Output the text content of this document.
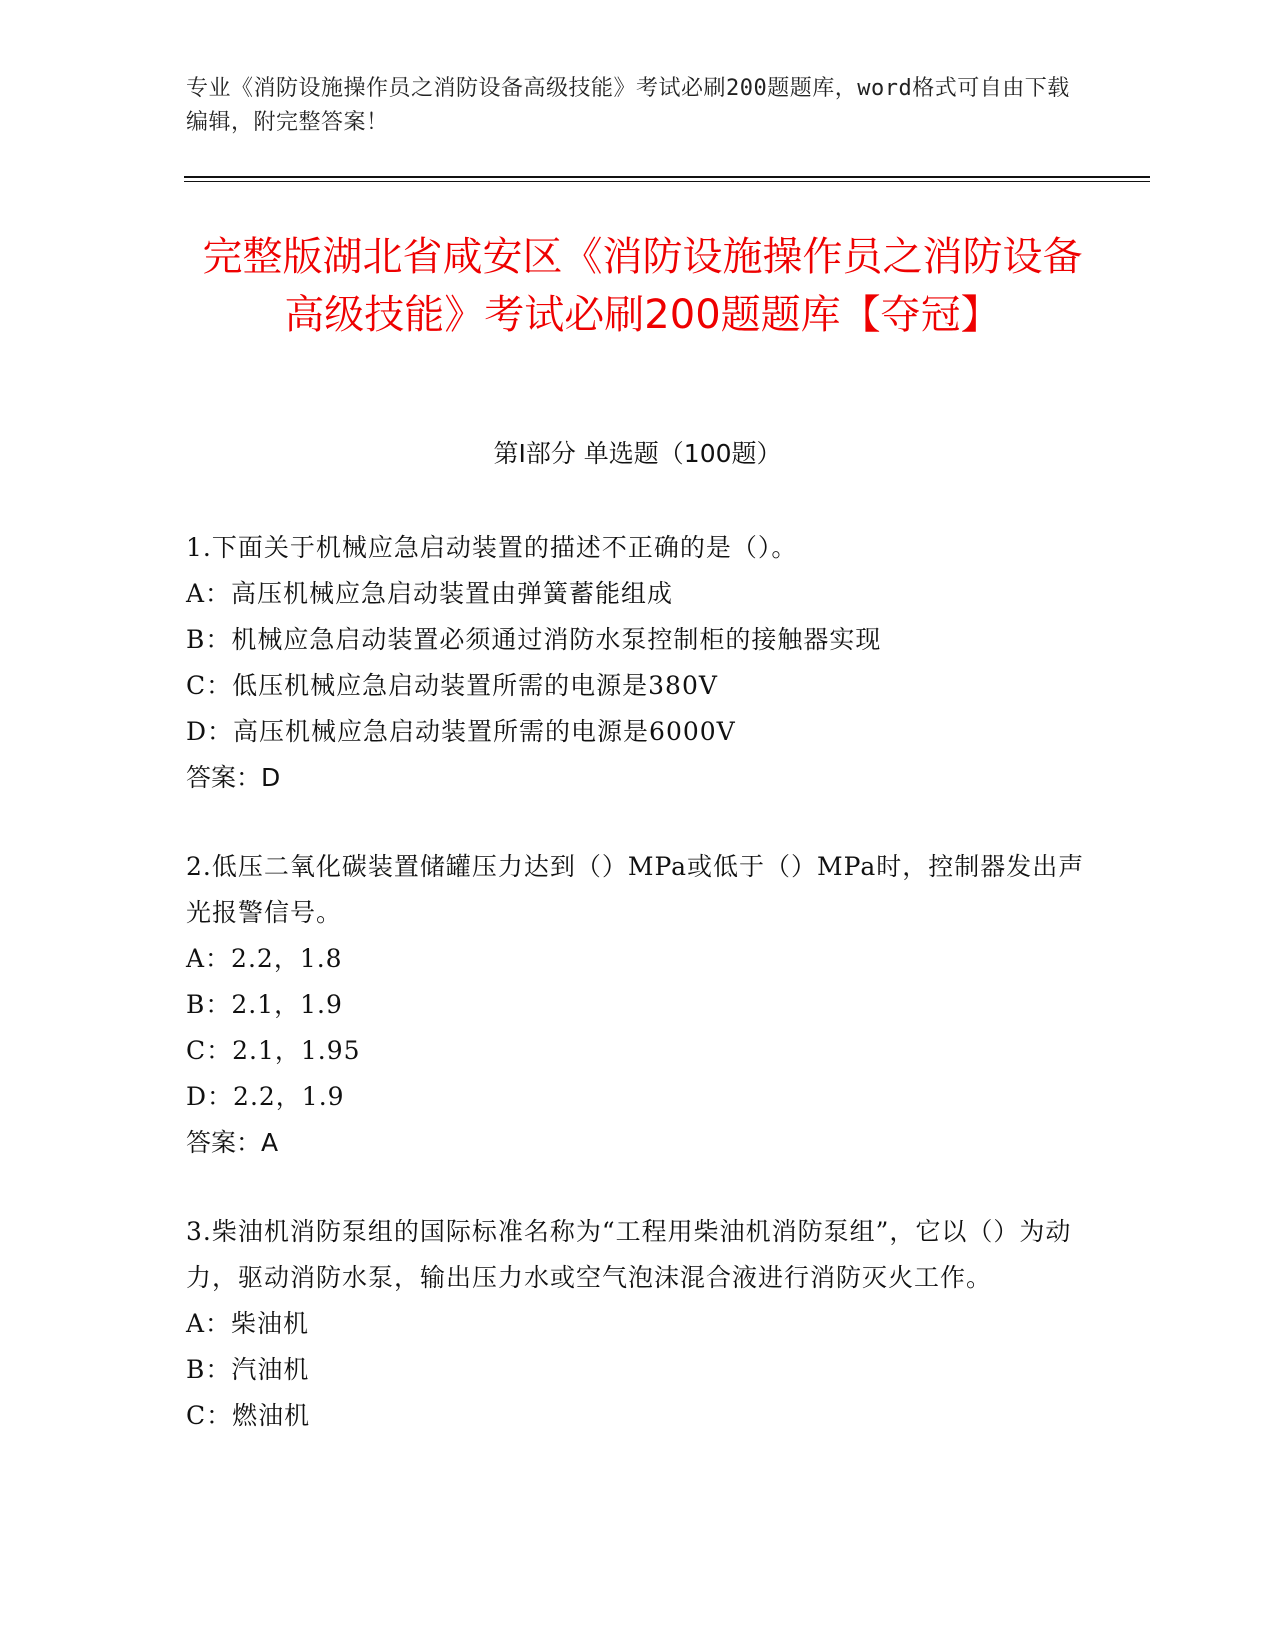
专业《消防设施操作员之消防设备高级技能》考试必刷200题题库，word格式可自由下载编辑，附完整答案！
完整版湖北省咸安区《消防设施操作员之消防设备高级技能》考试必刷200题题库【夺冠】
第I部分 单选题（100题）
1.下面关于机械应急启动装置的描述不正确的是（）。
A：高压机械应急启动装置由弹簧蓄能组成
B：机械应急启动装置必须通过消防水泵控制柜的接触器实现
C：低压机械应急启动装置所需的电源是380V
D：高压机械应急启动装置所需的电源是6000V
答案：D
2.低压二氧化碳装置储罐压力达到（）MPa或低于（）MPa时，控制器发出声光报警信号。
A：2.2，1.8
B：2.1，1.9
C：2.1，1.95
D：2.2，1.9
答案：A
3.柴油机消防泵组的国际标准名称为“工程用柴油机消防泵组”，它以（）为动力，驱动消防水泵，输出压力水或空气泡沫混合液进行消防灭火工作。
A：柴油机
B：汽油机
C：燃油机
